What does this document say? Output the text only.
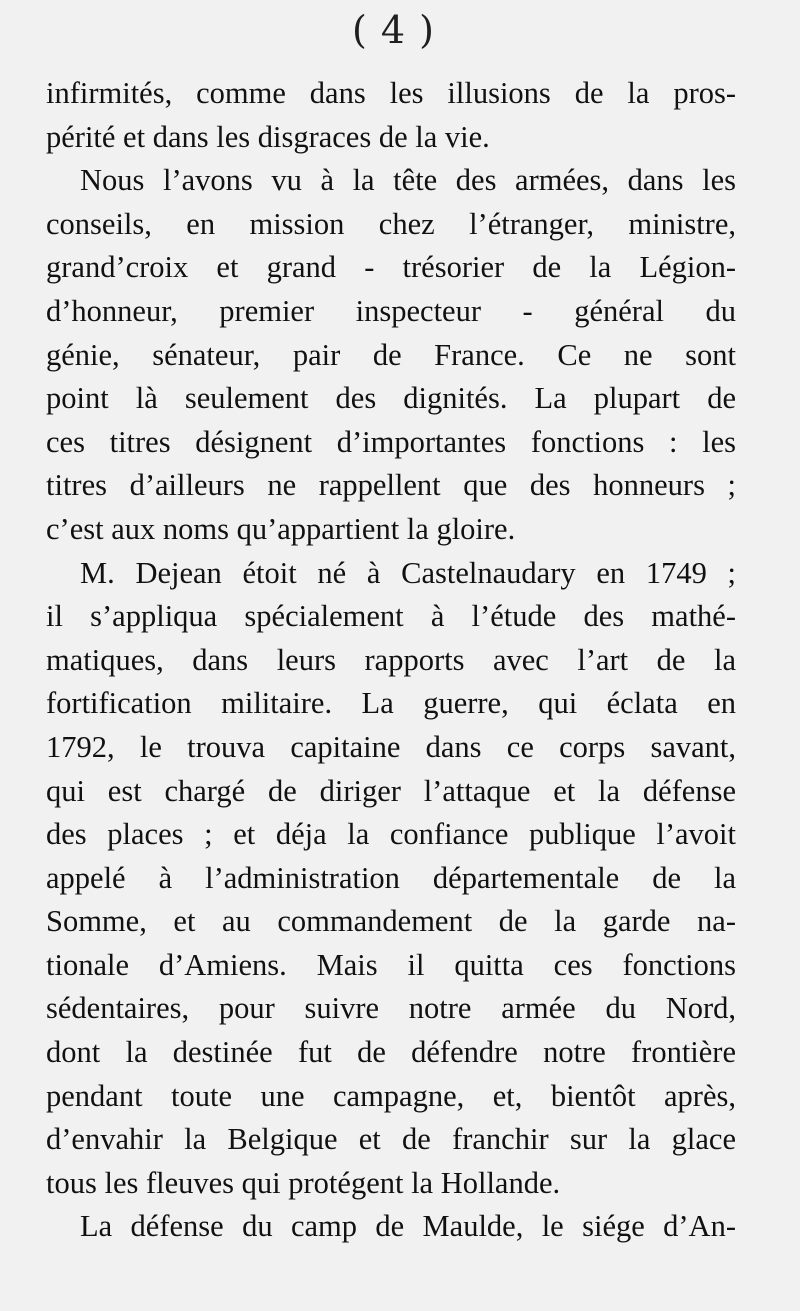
( 4 )

infirmités, comme dans les illusions de la pros-

périté et dans les disgraces de la vie.

Nous l’avons vu à la tête des armées, dans les

conseils, en mission chez l’étranger, ministre,

grand’croix et grand - trésorier de la Légion-

d’honneur, premier inspecteur - général du

génie, sénateur, pair de France. Ce ne sont

point là seulement des dignités. La plupart de

ces titres désignent d’importantes fonctions : les

titres d’ailleurs ne rappellent que des honneurs ;

c’est aux noms qu’appartient la gloire.

M. Dejean étoit né à Castelnaudary en 1749 ;

il s’appliqua spécialement à l’étude des mathé-

matiques, dans leurs rapports avec l’art de la

fortification militaire. La guerre, qui éclata en

1792, le trouva capitaine dans ce corps savant,

qui est chargé de diriger l’attaque et la défense

des places ; et déja la confiance publique l’avoit

appelé à l’administration départementale de la

Somme, et au commandement de la garde na-

tionale d’Amiens. Mais il quitta ces fonctions

sédentaires, pour suivre notre armée du Nord,

dont la destinée fut de défendre notre frontière

pendant toute une campagne, et, bientôt après,

d’envahir la Belgique et de franchir sur la glace

tous les fleuves qui protégent la Hollande.

La défense du camp de Maulde, le siége d’An-
